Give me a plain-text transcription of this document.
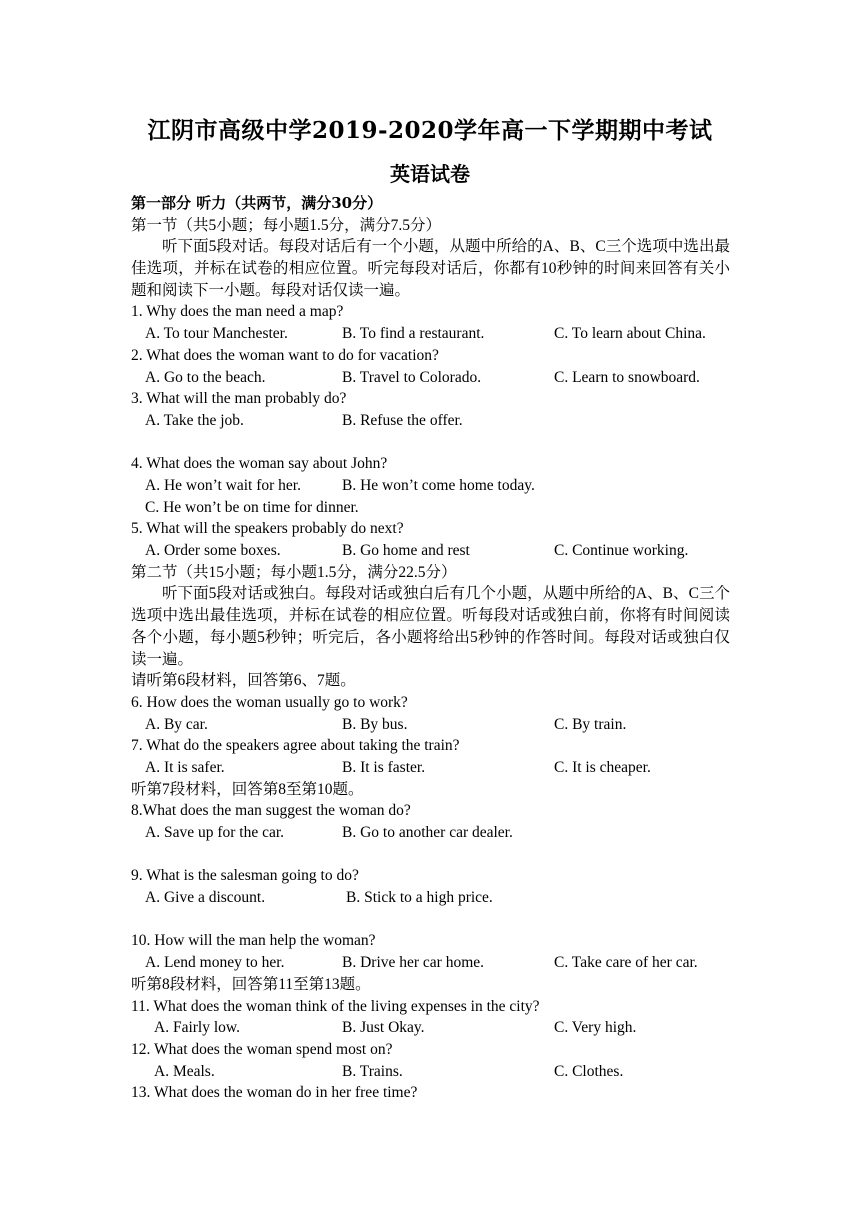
江阴市高级中学2019-2020学年高一下学期期中考试
英语试卷
第一部分 听力（共两节，满分30分）
第一节（共5小题；每小题1.5分，满分7.5分）
听下面5段对话。每段对话后有一个小题，从题中所给的A、B、C三个选项中选出最佳选项，并标在试卷的相应位置。听完每段对话后，你都有10秒钟的时间来回答有关小题和阅读下一小题。每段对话仅读一遍。
1. Why does the man need a map?
A. To tour Manchester.	B. To find a restaurant.	C. To learn about China.
2. What does the woman want to do for vacation?
A. Go to the beach.	B. Travel to Colorado.	C. Learn to snowboard.
3. What will the man probably do?
A. Take the job.	B. Refuse the offer.
4. What does the woman say about John?
A. He won’t wait for her.	B. He won’t come home today.
C. He won’t be on time for dinner.
5. What will the speakers probably do next?
A. Order some boxes.	B. Go home and rest	C. Continue working.
第二节（共15小题；每小题1.5分，满分22.5分）
听下面5段对话或独白。每段对话或独白后有几个小题，从题中所给的A、B、C三个选项中选出最佳选项，并标在试卷的相应位置。听每段对话或独白前，你将有时间阅读各个小题，每小题5秒钟；听完后，各小题将给出5秒钟的作答时间。每段对话或独白仅读一遍。
请听第6段材料，回答第6、7题。
6. How does the woman usually go to work?
A. By car.	B. By bus.	C. By train.
7. What do the speakers agree about taking the train?
A. It is safer.	B. It is faster.	C. It is cheaper.
听第7段材料，回答第8至第10题。
8.What does the man suggest the woman do?
A. Save up for the car.	B. Go to another car dealer.
9. What is the salesman going to do?
A. Give a discount.	B. Stick to a high price.
10. How will the man help the woman?
A. Lend money to her.	B. Drive her car home.	C. Take care of her car.
听第8段材料，回答第11至第13题。
11. What does the woman think of the living expenses in the city?
A. Fairly low.	B. Just Okay.	C. Very high.
12. What does the woman spend most on?
A. Meals.	B. Trains.	C. Clothes.
13. What does the woman do in her free time?
